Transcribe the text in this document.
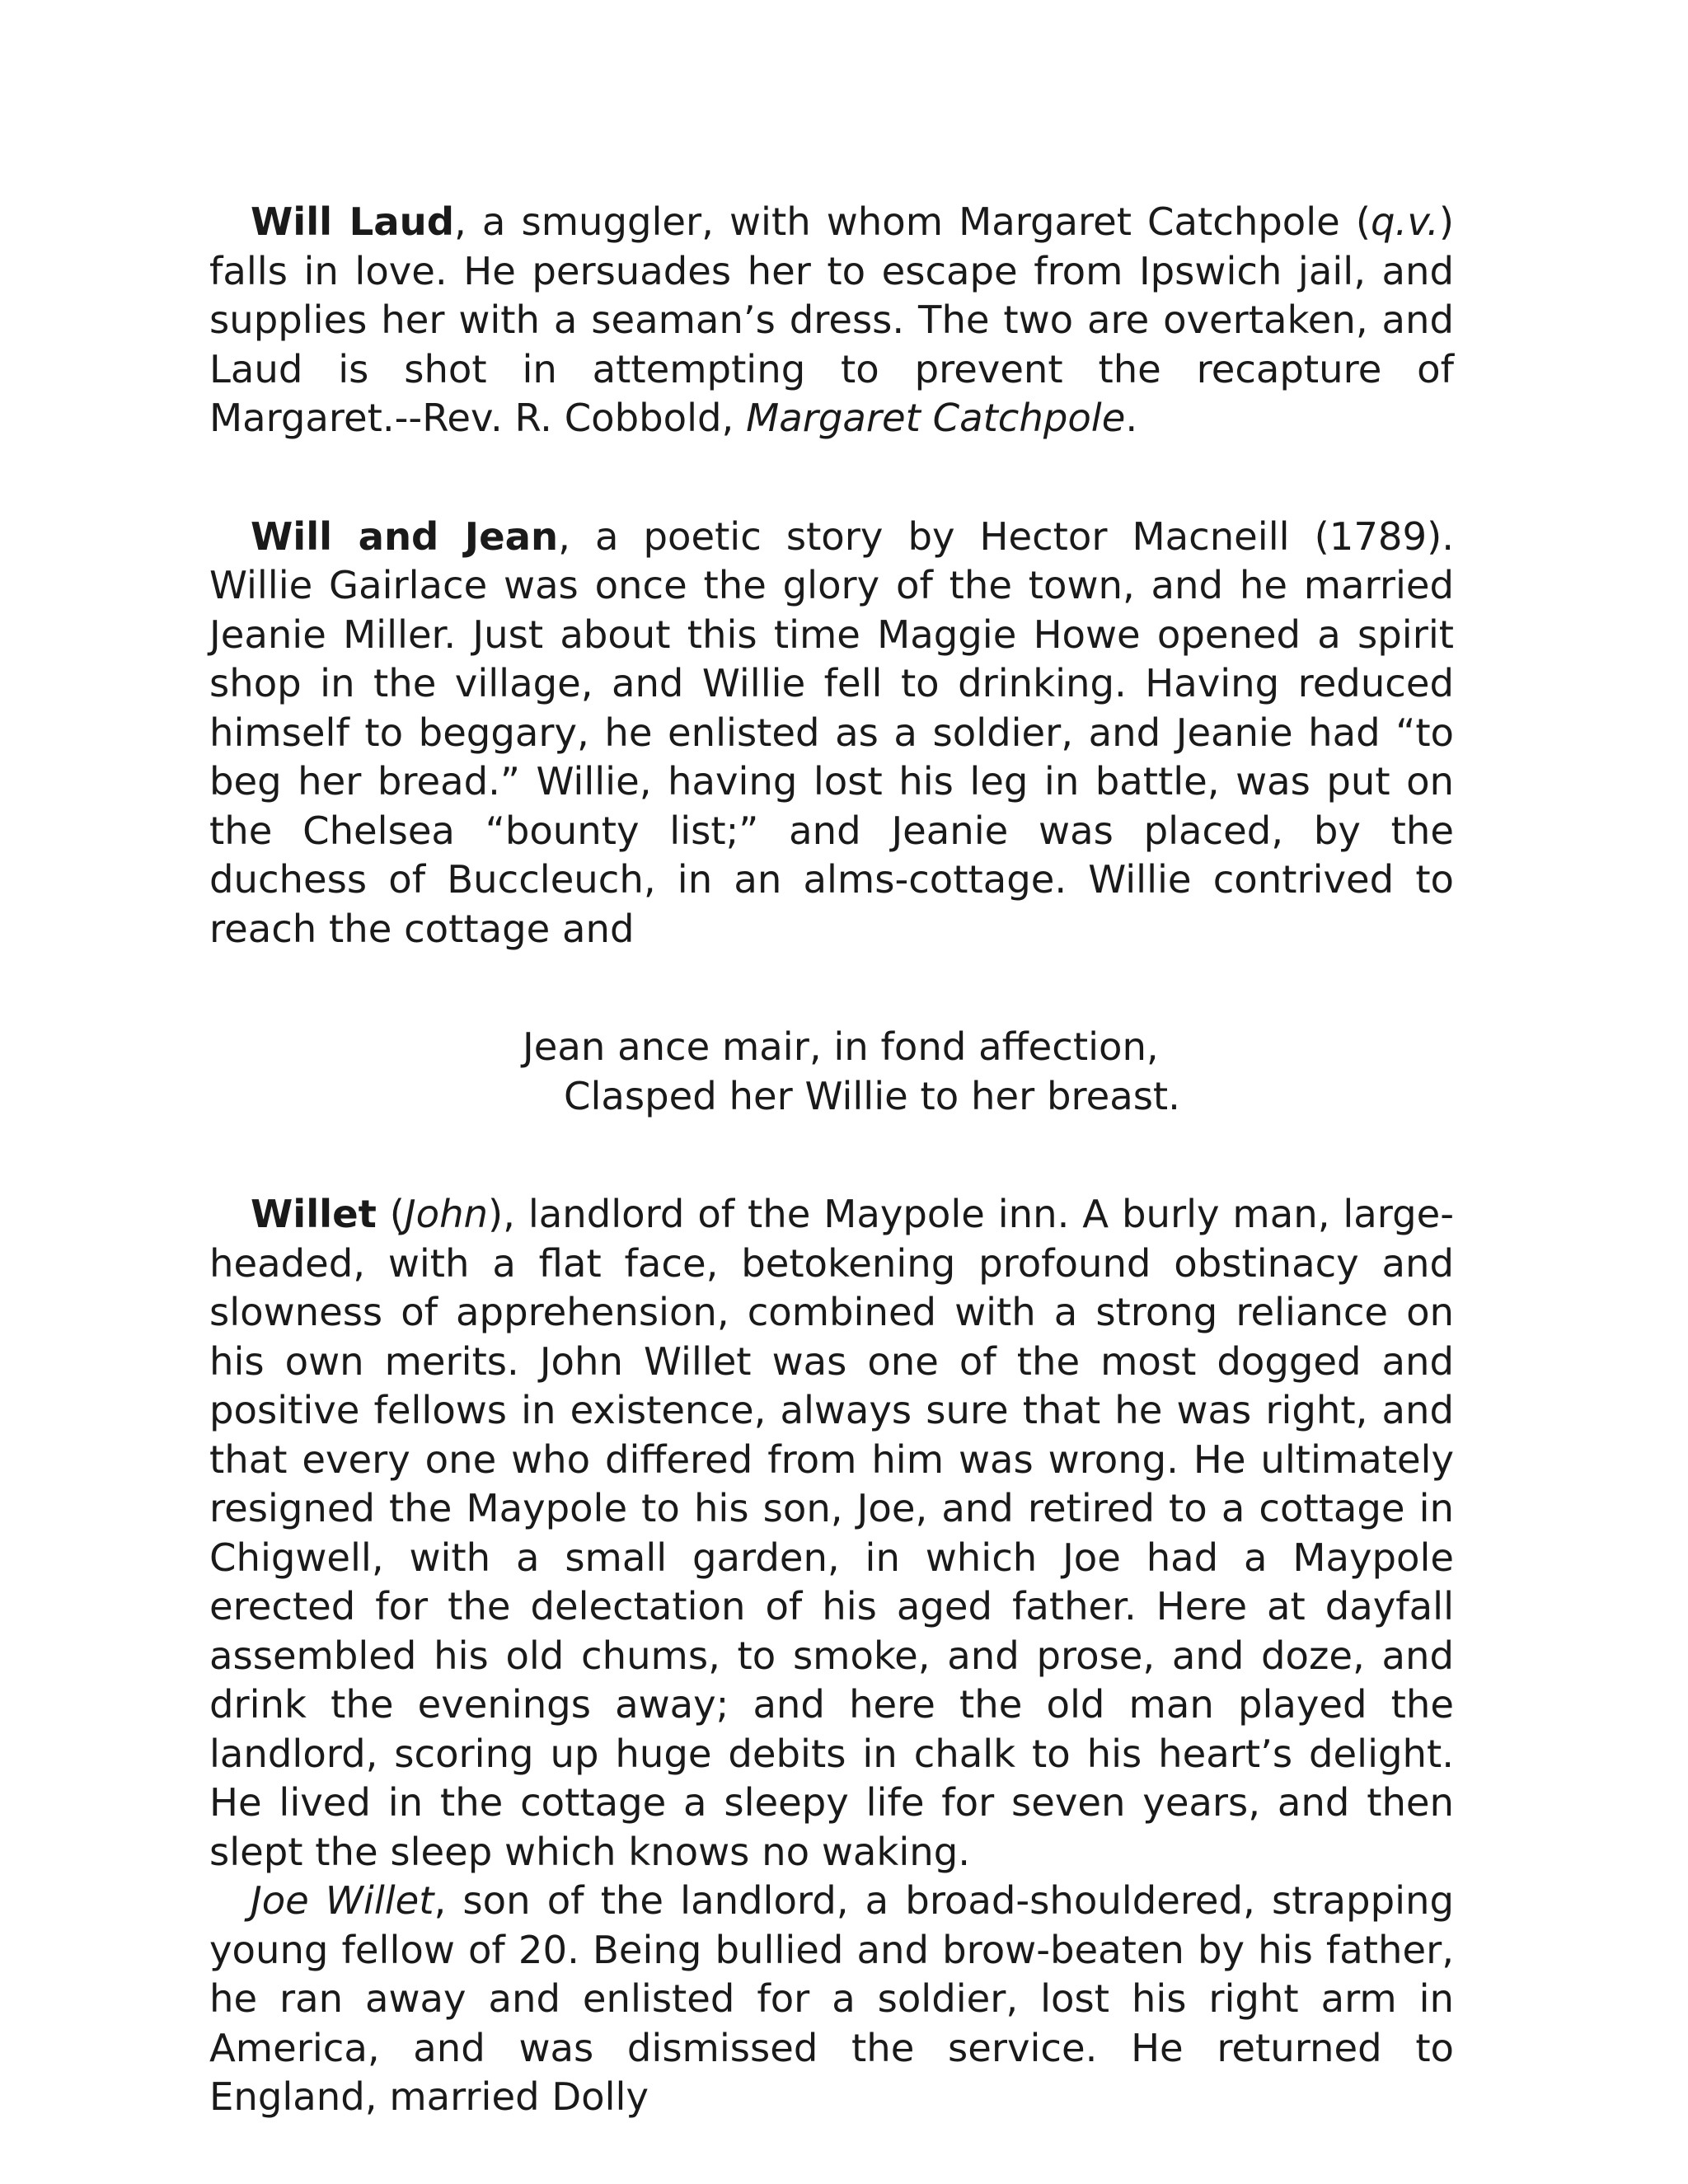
Will Laud, a smuggler, with whom Margaret Catchpole (q.v.) falls in love. He persuades her to escape from Ipswich jail, and supplies her with a seaman’s dress. The two are overtaken, and Laud is shot in attempting to prevent the recapture of Margaret.--Rev. R. Cobbold, Margaret Catchpole.

Will and Jean, a poetic story by Hector Macneill (1789). Willie Gairlace was once the glory of the town, and he married Jeanie Miller. Just about this time Maggie Howe opened a spirit shop in the village, and Willie fell to drinking. Having reduced himself to beggary, he enlisted as a soldier, and Jeanie had “to beg her bread.” Willie, having lost his leg in battle, was put on the Chelsea “bounty list;” and Jeanie was placed, by the duchess of Buccleuch, in an alms-cottage. Willie contrived to reach the cottage and

Jean ance mair, in fond affection,
Clasped her Willie to her breast.

Willet (John), landlord of the Maypole inn. A burly man, large-headed, with a flat face, betokening profound obstinacy and slowness of apprehension, combined with a strong reliance on his own merits. John Willet was one of the most dogged and positive fellows in existence, always sure that he was right, and that every one who differed from him was wrong. He ultimately resigned the Maypole to his son, Joe, and retired to a cottage in Chigwell, with a small garden, in which Joe had a Maypole erected for the delectation of his aged father. Here at dayfall assembled his old chums, to smoke, and prose, and doze, and drink the evenings away; and here the old man played the landlord, scoring up huge debits in chalk to his heart’s delight. He lived in the cottage a sleepy life for seven years, and then slept the sleep which knows no waking.

Joe Willet, son of the landlord, a broad-shouldered, strapping young fellow of 20. Being bullied and brow-beaten by his father, he ran away and enlisted for a soldier, lost his right arm in America, and was dismissed the service. He returned to England, married Dolly
